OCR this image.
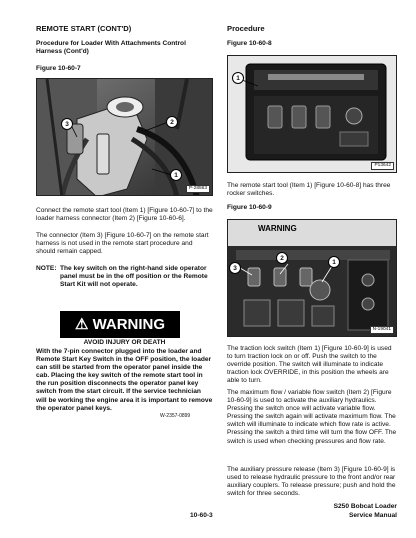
REMOTE START (CONT'D)
Procedure for Loader With Attachments Control Harness (Cont'd)
Figure 10-60-7
1
2
3
P-28563
Connect the remote start tool (Item 1) [Figure 10-60-7] to the loader harness connector (Item 2) [Figure 10-60-6].
The connector (Item 3) [Figure 10-60-7] on the remote start harness is not used in the remote start procedure and should remain capped.
NOTE: The key switch on the right-hand side operator panel must be in the off position or the Remote Start Kit will not operate.
⚠ WARNING
AVOID INJURY OR DEATH
With the 7-pin connector plugged into the loader and Remote Start Key Switch in the OFF position, the loader can still be started from the operator panel inside the cab. Placing the key switch of the remote start tool in the run position disconnects the operator panel key switch from the start circuit. If the service technician will be working the engine area it is important to remove the operator panel keys.
W-2357-0899
Procedure
Figure 10-60-8
1
P13642
The remote start tool (Item 1) [Figure 10-60-8] has three rocker switches.
Figure 10-60-9
WARNING
1
2
3
N-19041
The traction lock switch (Item 1) [Figure 10-60-9] is used to turn traction lock on or off. Push the switch to the override position. The switch will illuminate to indicate traction lock OVERRIDE, in this position the wheels are able to turn.
The maximum flow / variable flow switch (Item 2) [Figure 10-60-9] is used to activate the auxiliary hydraulics. Pressing the switch once will activate variable flow. Pressing the switch again will activate maximum flow. The switch will illuminate to indicate which flow rate is active. Pressing the switch a third time will turn the flow OFF. The switch is used when checking pressures and flow rate.
The auxiliary pressure release (Item 3) [Figure 10-60-9] is used to release hydraulic pressure to the front and/or rear auxiliary couplers. To release pressure; push and hold the switch for three seconds.
10-60-3
S250 Bobcat Loader
Service Manual
